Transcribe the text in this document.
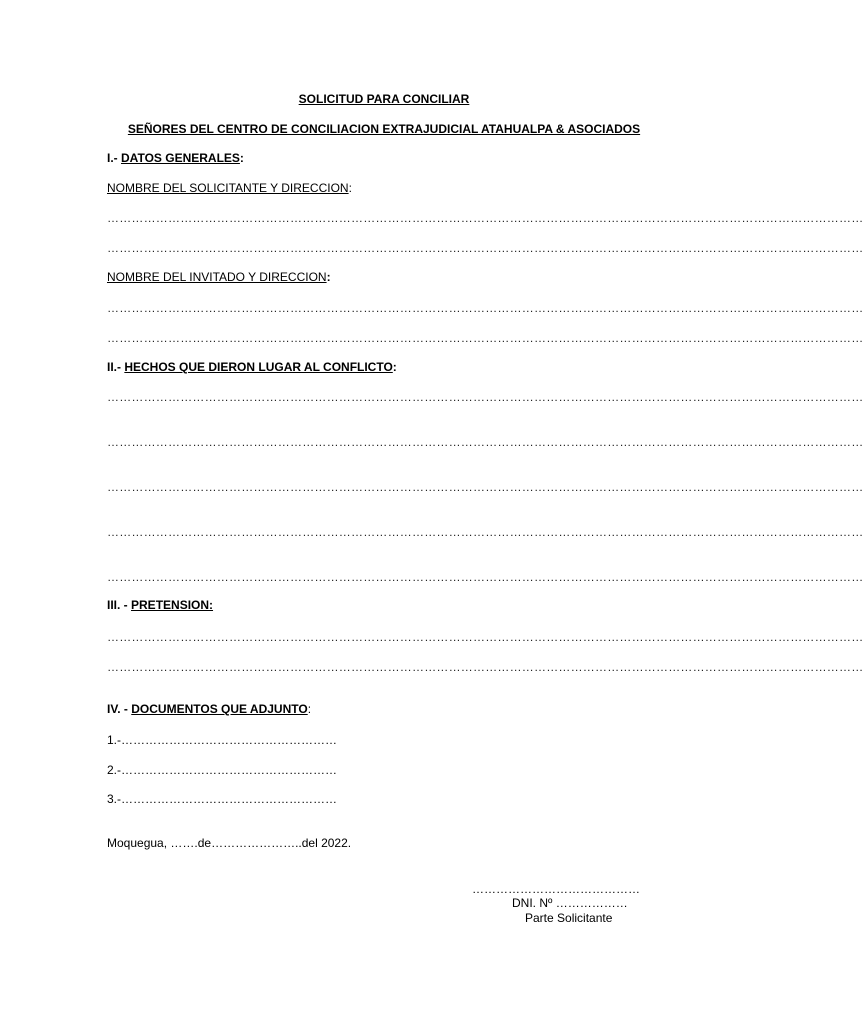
SOLICITUD PARA CONCILIAR
SEÑORES DEL CENTRO DE CONCILIACION EXTRAJUDICIAL ATAHUALPA & ASOCIADOS
I.- DATOS GENERALES:
NOMBRE DEL SOLICITANTE Y DIRECCION:
……………………………………………………………………………………………………………………………………………………………………
……………………………………………………………………………………………………………………………………………………………………
NOMBRE DEL INVITADO Y DIRECCION:
……………………………………………………………………………………………………………………………………………………………………
……………………………………………………………………………………………………………………………………………………………………
II.- HECHOS QUE DIERON LUGAR AL CONFLICTO:
……………………………………………………………………………………………………………………………………………………………………
……………………………………………………………………………………………………………………………………………………………………
……………………………………………………………………………………………………………………………………………………………………
……………………………………………………………………………………………………………………………………………………………………
……………………………………………………………………………………………………………………………………………………………………
III. - PRETENSION:
……………………………………………………………………………………………………………………………………………………………………
……………………………………………………………………………………………………………………………………………………………………
IV. - DOCUMENTOS QUE ADJUNTO:
1.-………………………………………………
2.-………………………………………………
3.-………………………………………………
Moquegua, …….de…………………..del 2022.
……………………………………
DNI. Nº ………………
Parte Solicitante
